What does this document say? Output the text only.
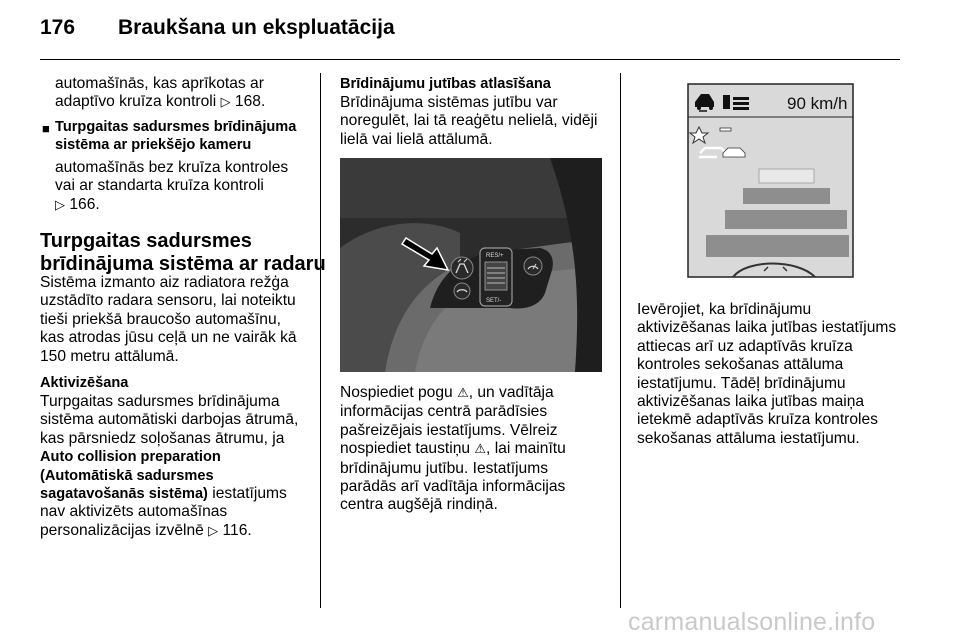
176 Braukšana un ekspluatācija
automašīnās, kas aprīkotas ar
adaptīvo kruīza kontroli ▷ 168.
■ Turpgaitas sadursmes brīdinājuma
sistēma ar priekšējo kameru
automašīnās bez kruīza kontroles
vai ar standarta kruīza kontroli
▷ 166.
Turpgaitas sadursmes
brīdinājuma sistēma ar radaru
Sistēma izmanto aiz radiatora režģa
uzstādīto radara sensoru, lai noteiktu
tieši priekšā braucošo automašīnu,
kas atrodas jūsu ceļā un ne vairāk kā
150 metru attālumā.
Aktivizēšana
Turpgaitas sadursmes brīdinājuma
sistēma automātiski darbojas ātrumā,
kas pārsniedz soļošanas ātrumu, ja
Auto collision preparation
(Automātiskā sadursmes
sagatavošanās sistēma) iestatījums
nav aktivizēts automašīnas
personalizācijas izvēlnē ▷ 116.
Brīdinājumu jutības atlasīšana
Brīdinājuma sistēmas jutību var
noregulēt, lai tā reaģētu nelielā, vidēji
lielā vai lielā attālumā.
RES/+
SET/-
Nospiediet pogu ⚠, un vadītāja
informācijas centrā parādīsies
pašreizējais iestatījums. Vēlreiz
nospiediet taustiņu ⚠, lai mainītu
brīdinājumu jutību. Iestatījums
parādās arī vadītāja informācijas
centra augšējā rindiņā.
90 km/h
Ievērojiet, ka brīdinājumu
aktivizēšanas laika jutības iestatījums
attiecas arī uz adaptīvās kruīza
kontroles sekošanas attāluma
iestatījumu. Tādēļ brīdinājumu
aktivizēšanas laika jutības maiņa
ietekmē adaptīvās kruīza kontroles
sekošanas attāluma iestatījumu.
carmanualsonline.info
